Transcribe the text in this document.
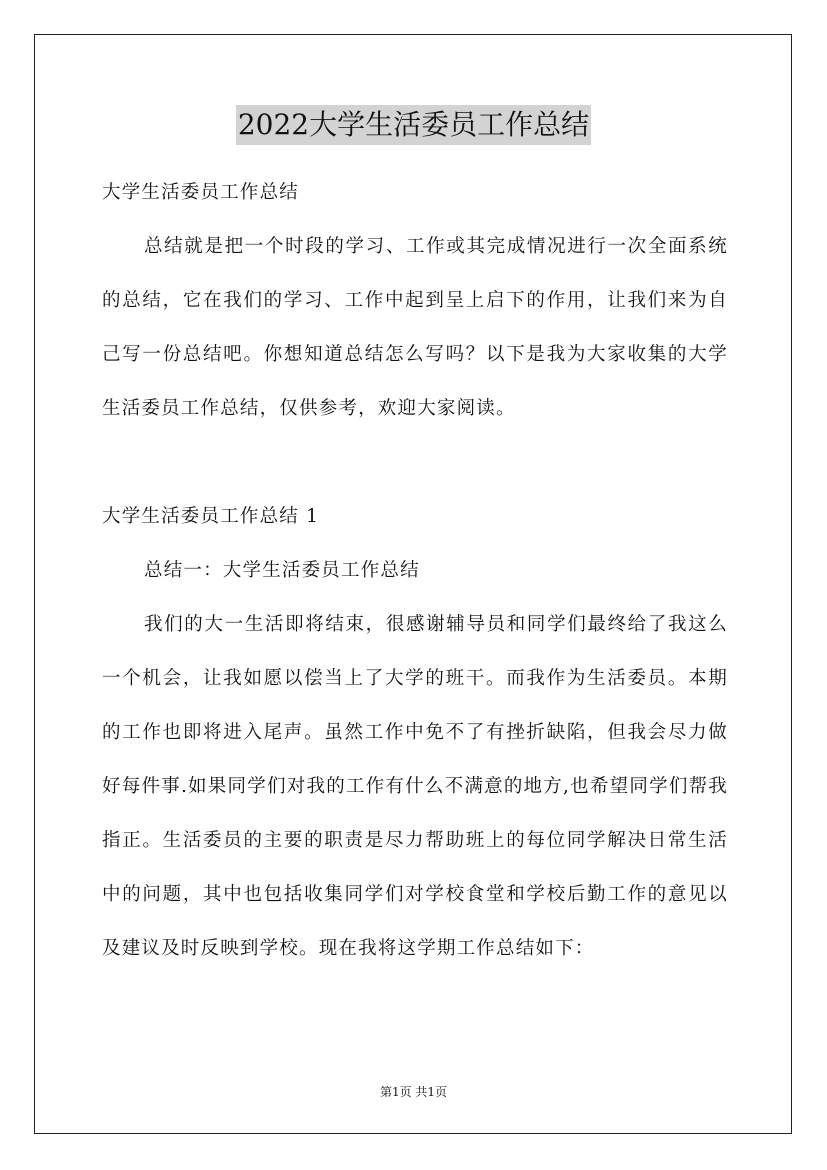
2022大学生活委员工作总结

大学生活委员工作总结

总结就是把一个时段的学习、工作或其完成情况进行一次全面系统的总结，它在我们的学习、工作中起到呈上启下的作用，让我们来为自己写一份总结吧。你想知道总结怎么写吗？以下是我为大家收集的大学生活委员工作总结，仅供参考，欢迎大家阅读。

大学生活委员工作总结 1

总结一：大学生活委员工作总结

我们的大一生活即将结束，很感谢辅导员和同学们最终给了我这么一个机会，让我如愿以偿当上了大学的班干。而我作为生活委员。本期的工作也即将进入尾声。虽然工作中免不了有挫折缺陷，但我会尽力做好每件事.如果同学们对我的工作有什么不满意的地方,也希望同学们帮我指正。生活委员的主要的职责是尽力帮助班上的每位同学解决日常生活中的问题，其中也包括收集同学们对学校食堂和学校后勤工作的意见以及建议及时反映到学校。现在我将这学期工作总结如下：

第1页 共1页
